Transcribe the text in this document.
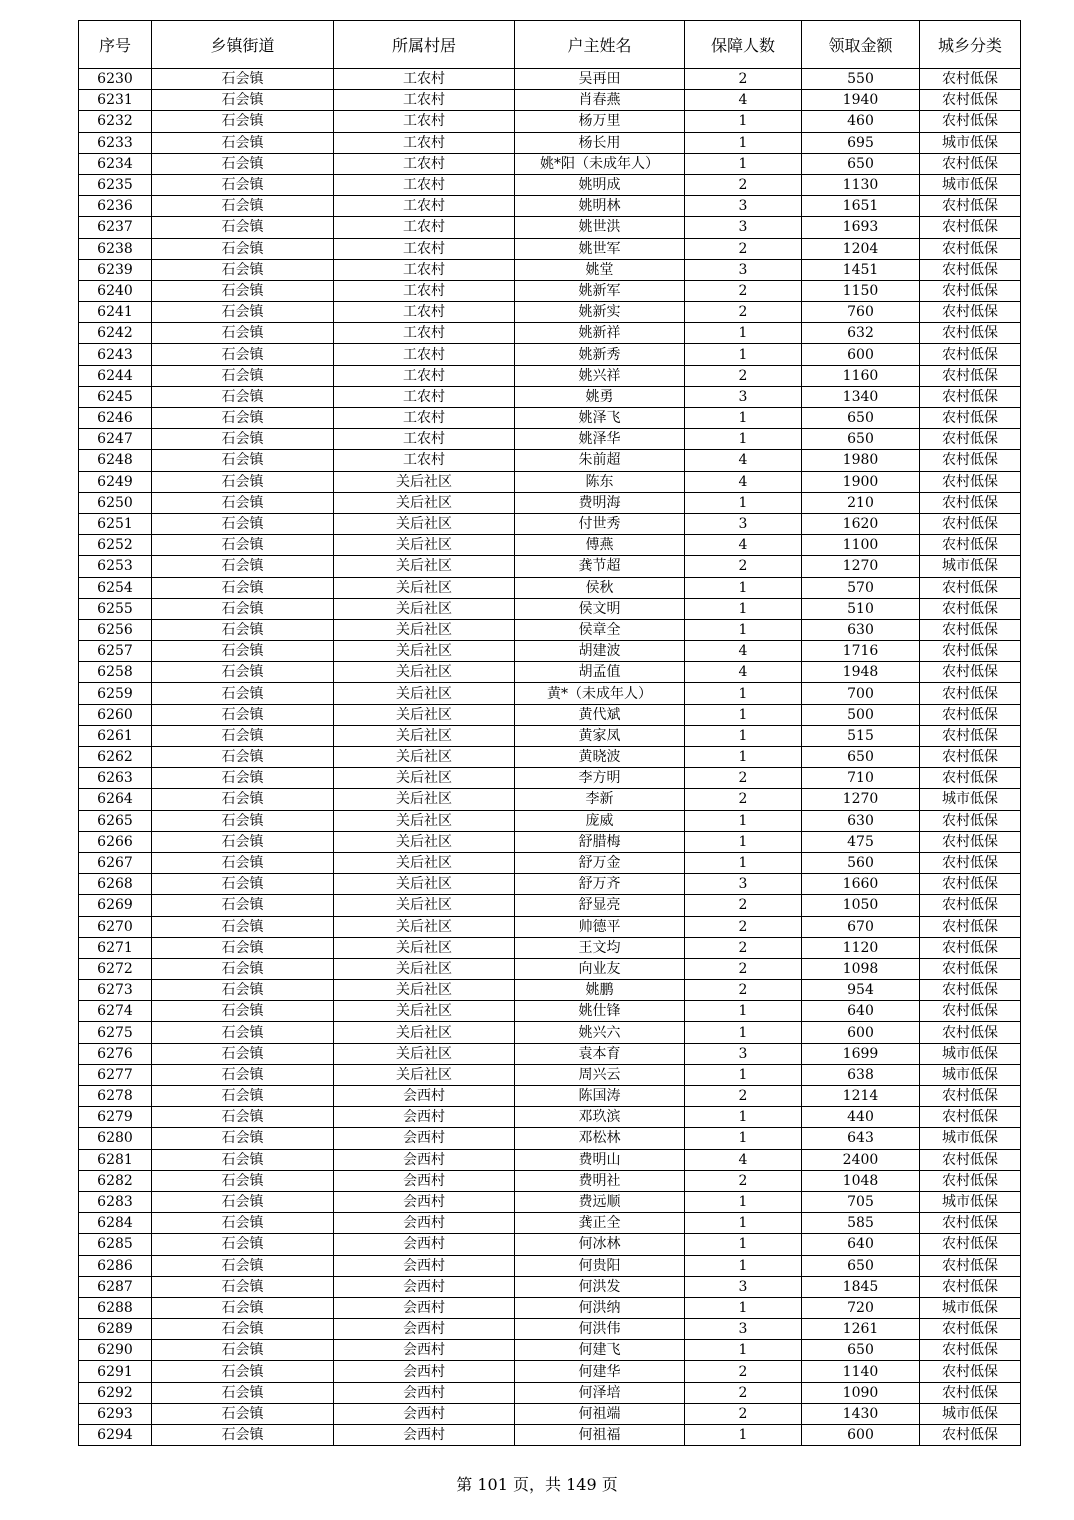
序号	乡镇街道	所属村居	户主姓名	保障人数	领取金额	城乡分类
6230	石会镇	工农村	吴再田	2	550	农村低保
6231	石会镇	工农村	肖春燕	4	1940	农村低保
6232	石会镇	工农村	杨万里	1	460	农村低保
6233	石会镇	工农村	杨长用	1	695	城市低保
6234	石会镇	工农村	姚*阳（未成年人）	1	650	农村低保
6235	石会镇	工农村	姚明成	2	1130	城市低保
6236	石会镇	工农村	姚明林	3	1651	农村低保
6237	石会镇	工农村	姚世洪	3	1693	农村低保
6238	石会镇	工农村	姚世军	2	1204	农村低保
6239	石会镇	工农村	姚堂	3	1451	农村低保
6240	石会镇	工农村	姚新军	2	1150	农村低保
6241	石会镇	工农村	姚新实	2	760	农村低保
6242	石会镇	工农村	姚新祥	1	632	农村低保
6243	石会镇	工农村	姚新秀	1	600	农村低保
6244	石会镇	工农村	姚兴祥	2	1160	农村低保
6245	石会镇	工农村	姚勇	3	1340	农村低保
6246	石会镇	工农村	姚泽飞	1	650	农村低保
6247	石会镇	工农村	姚泽华	1	650	农村低保
6248	石会镇	工农村	朱前超	4	1980	农村低保
6249	石会镇	关后社区	陈东	4	1900	农村低保
6250	石会镇	关后社区	费明海	1	210	农村低保
6251	石会镇	关后社区	付世秀	3	1620	农村低保
6252	石会镇	关后社区	傅燕	4	1100	农村低保
6253	石会镇	关后社区	龚节超	2	1270	城市低保
6254	石会镇	关后社区	侯秋	1	570	农村低保
6255	石会镇	关后社区	侯文明	1	510	农村低保
6256	石会镇	关后社区	侯章全	1	630	农村低保
6257	石会镇	关后社区	胡建波	4	1716	农村低保
6258	石会镇	关后社区	胡孟值	4	1948	农村低保
6259	石会镇	关后社区	黄*（未成年人）	1	700	农村低保
6260	石会镇	关后社区	黄代斌	1	500	农村低保
6261	石会镇	关后社区	黄家凤	1	515	农村低保
6262	石会镇	关后社区	黄晓波	1	650	农村低保
6263	石会镇	关后社区	李方明	2	710	农村低保
6264	石会镇	关后社区	李新	2	1270	城市低保
6265	石会镇	关后社区	庞威	1	630	农村低保
6266	石会镇	关后社区	舒腊梅	1	475	农村低保
6267	石会镇	关后社区	舒万金	1	560	农村低保
6268	石会镇	关后社区	舒万齐	3	1660	农村低保
6269	石会镇	关后社区	舒显亮	2	1050	农村低保
6270	石会镇	关后社区	帅德平	2	670	农村低保
6271	石会镇	关后社区	王文均	2	1120	农村低保
6272	石会镇	关后社区	向业友	2	1098	农村低保
6273	石会镇	关后社区	姚鹏	2	954	农村低保
6274	石会镇	关后社区	姚仕锋	1	640	农村低保
6275	石会镇	关后社区	姚兴六	1	600	农村低保
6276	石会镇	关后社区	袁本育	3	1699	城市低保
6277	石会镇	关后社区	周兴云	1	638	城市低保
6278	石会镇	会西村	陈国涛	2	1214	农村低保
6279	石会镇	会西村	邓玖滨	1	440	农村低保
6280	石会镇	会西村	邓松林	1	643	城市低保
6281	石会镇	会西村	费明山	4	2400	农村低保
6282	石会镇	会西村	费明社	2	1048	农村低保
6283	石会镇	会西村	费远顺	1	705	城市低保
6284	石会镇	会西村	龚正全	1	585	农村低保
6285	石会镇	会西村	何冰林	1	640	农村低保
6286	石会镇	会西村	何贵阳	1	650	农村低保
6287	石会镇	会西村	何洪发	3	1845	农村低保
6288	石会镇	会西村	何洪纳	1	720	城市低保
6289	石会镇	会西村	何洪伟	3	1261	农村低保
6290	石会镇	会西村	何建飞	1	650	农村低保
6291	石会镇	会西村	何建华	2	1140	农村低保
6292	石会镇	会西村	何泽培	2	1090	农村低保
6293	石会镇	会西村	何祖端	2	1430	城市低保
6294	石会镇	会西村	何祖福	1	600	农村低保
第 101 页，共 149 页
